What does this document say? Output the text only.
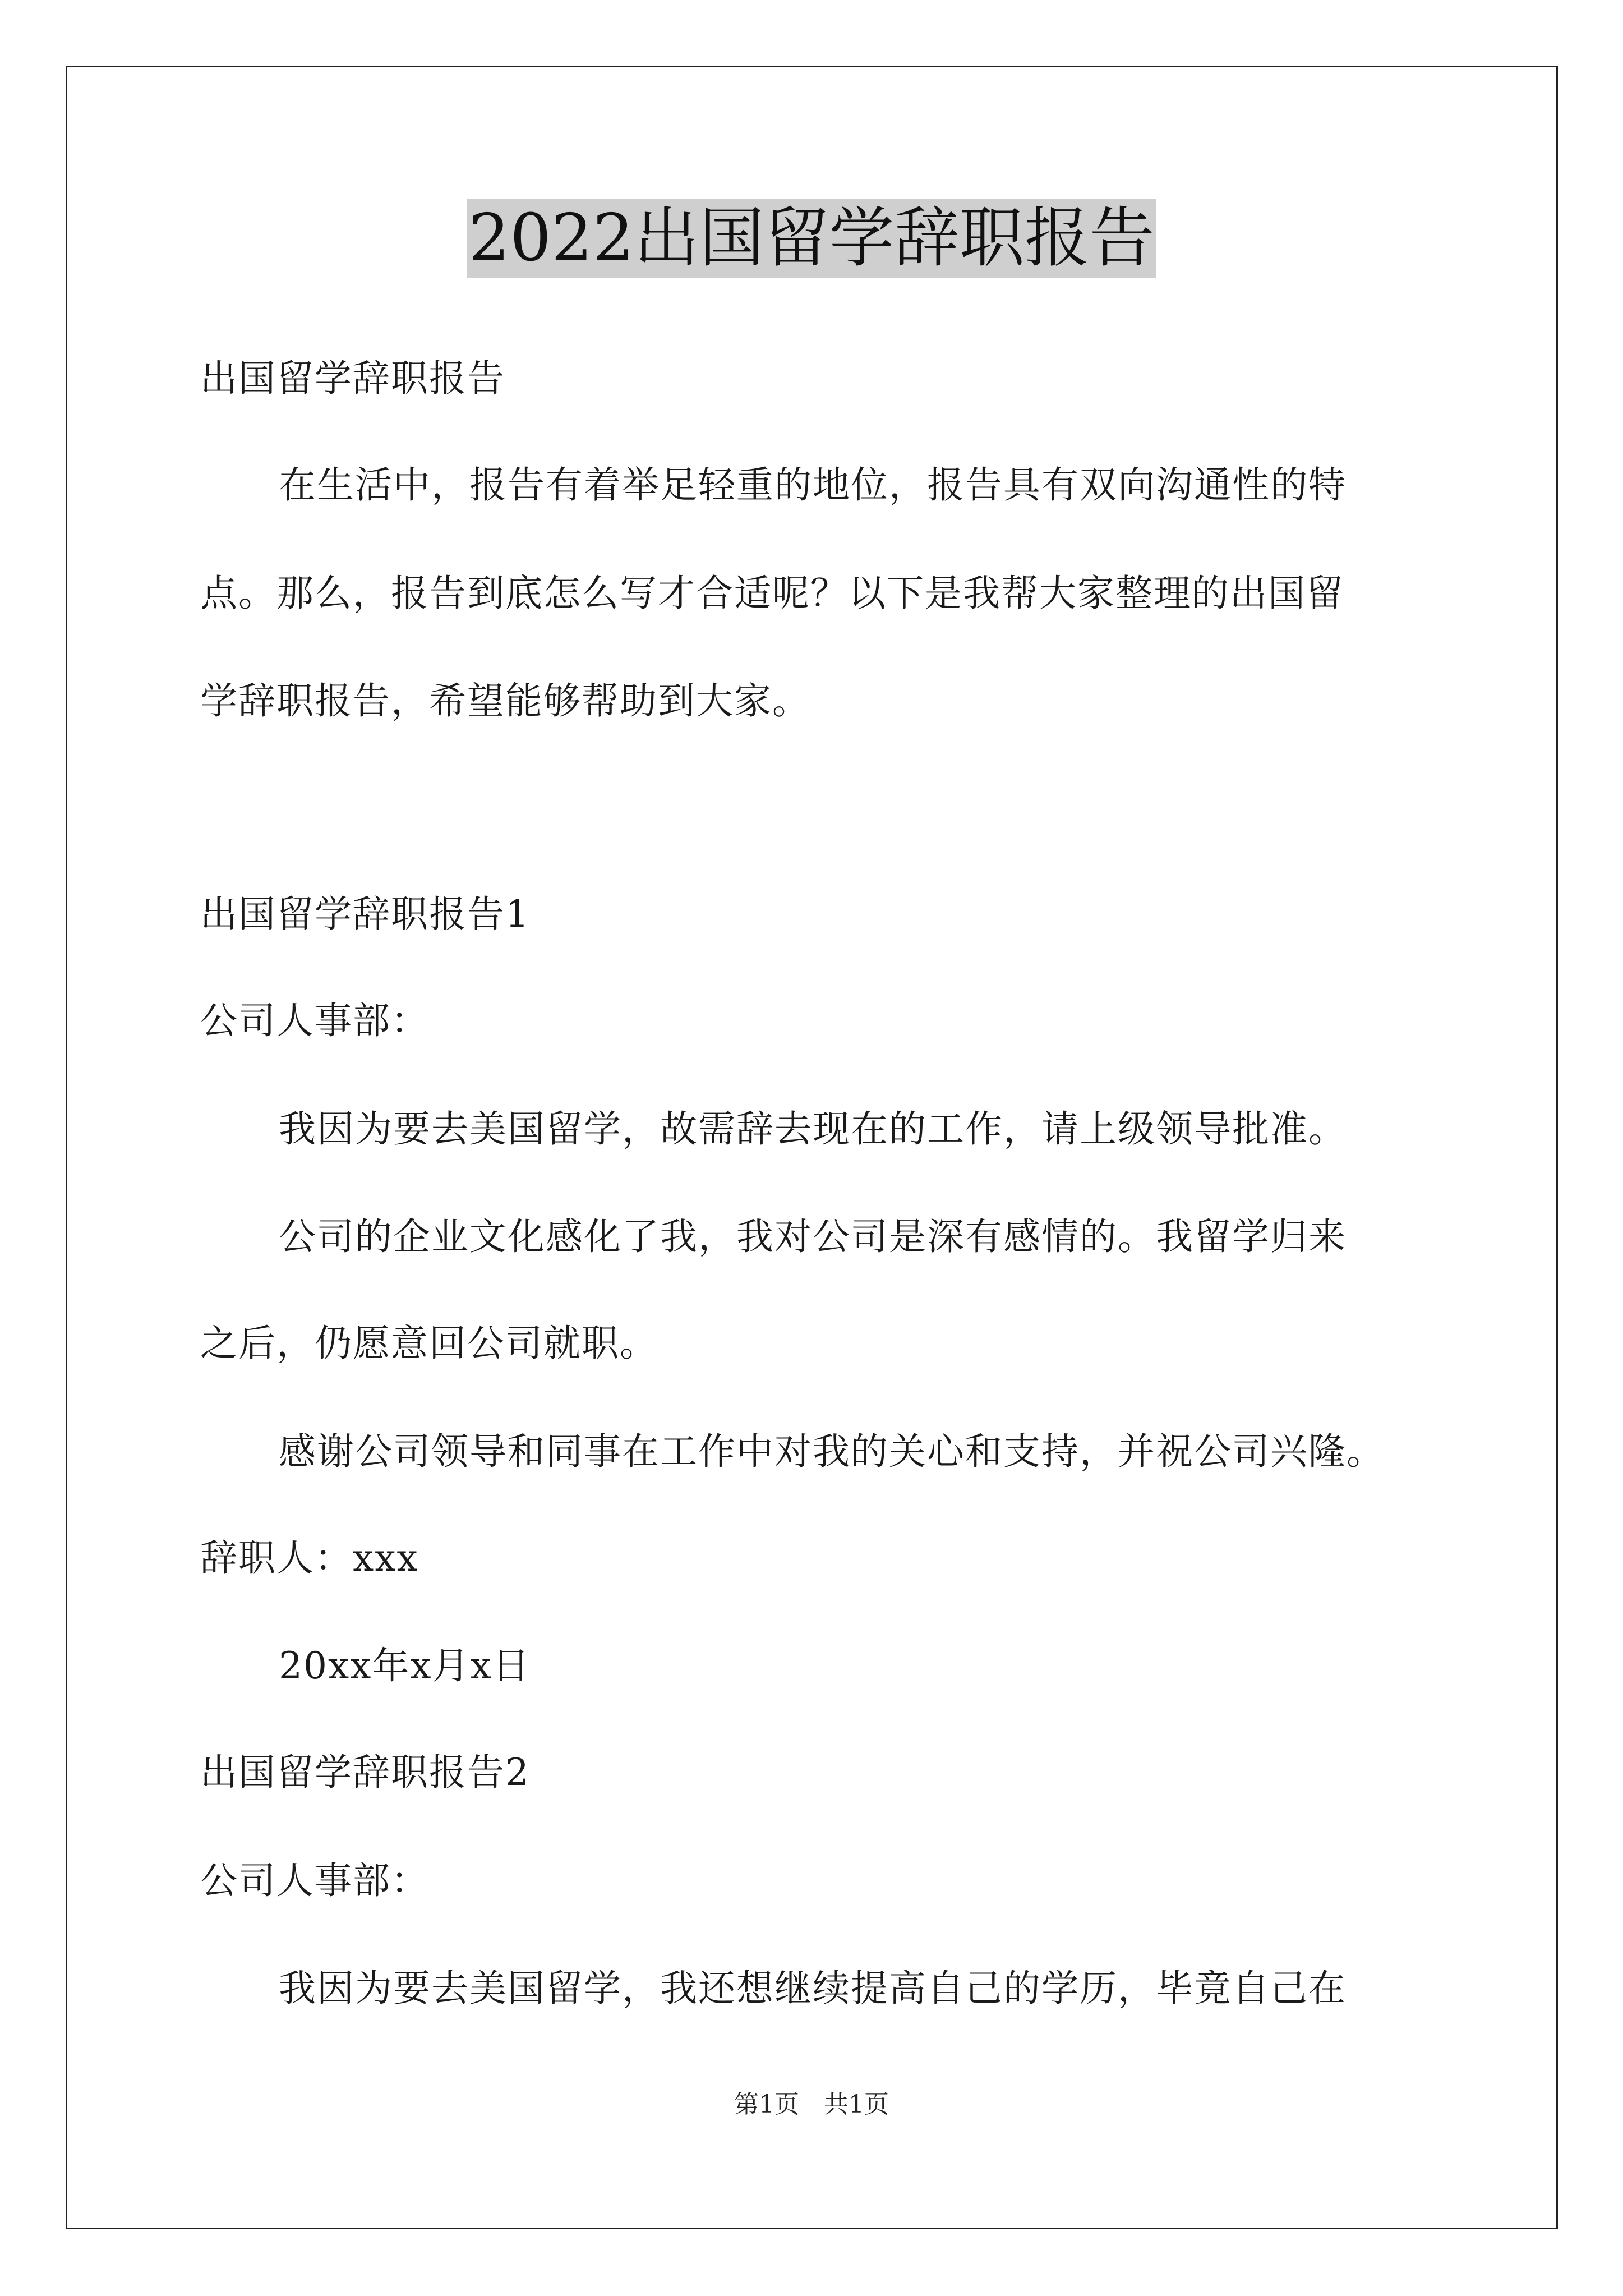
2022出国留学辞职报告
出国留学辞职报告
在生活中，报告有着举足轻重的地位，报告具有双向沟通性的特
点。那么，报告到底怎么写才合适呢？以下是我帮大家整理的出国留
学辞职报告，希望能够帮助到大家。
出国留学辞职报告1
公司人事部：
我因为要去美国留学，故需辞去现在的工作，请上级领导批准。
公司的企业文化感化了我，我对公司是深有感情的。我留学归来
之后，仍愿意回公司就职。
感谢公司领导和同事在工作中对我的关心和支持，并祝公司兴隆。
辞职人：xxx
20xx年x月x日
出国留学辞职报告2
公司人事部：
我因为要去美国留学，我还想继续提高自己的学历，毕竟自己在
第1页　共1页
